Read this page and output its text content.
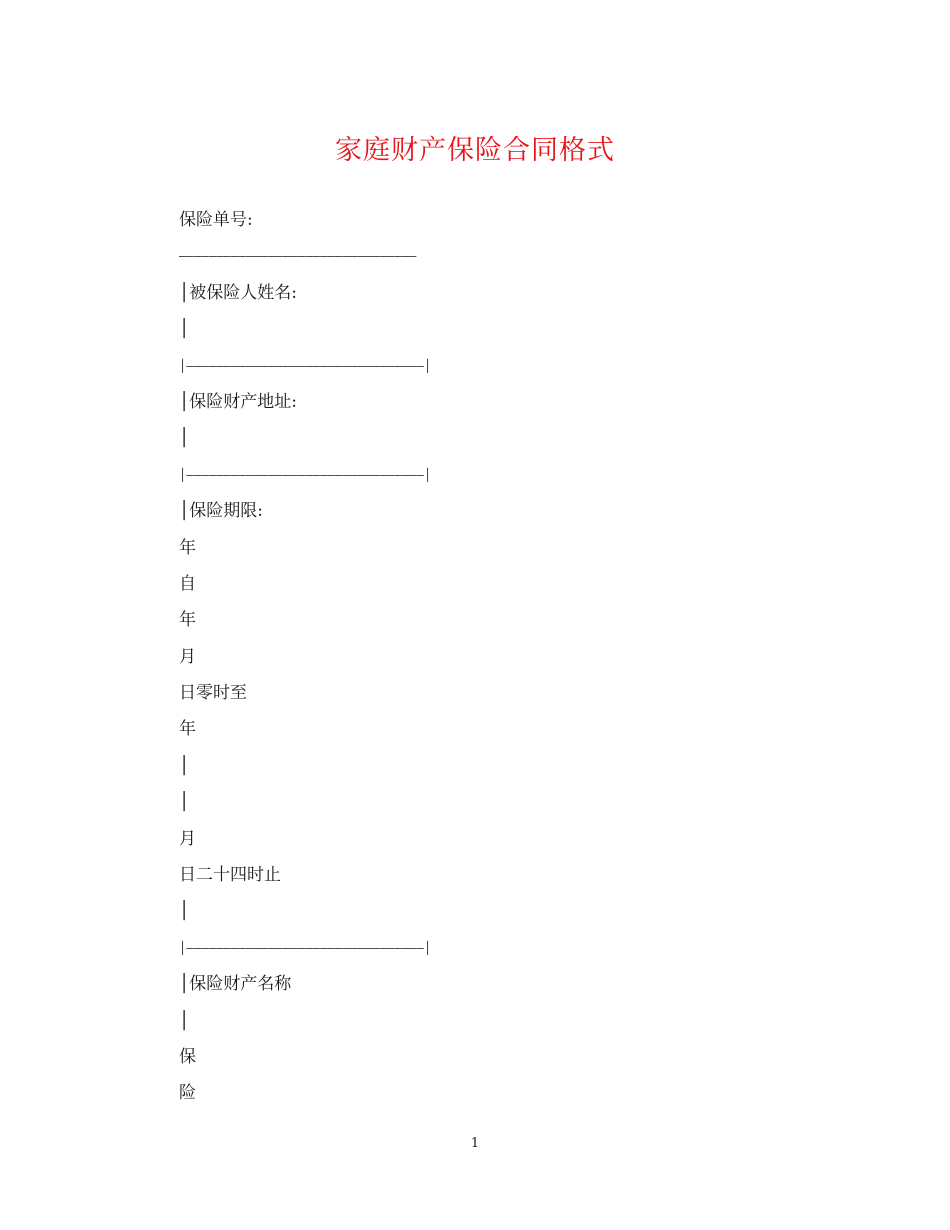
家庭财产保险合同格式
保险单号:
————————————————————————————————
│被保险人姓名:
│
│————————————————————————————————│
│保险财产地址:
│
│————————————————————————————————│
│保险期限:
年
自
年
月
日零时至
年
│
│
月
日二十四时止
│
│————————————————————————————————│
│保险财产名称
│
保
险
1
